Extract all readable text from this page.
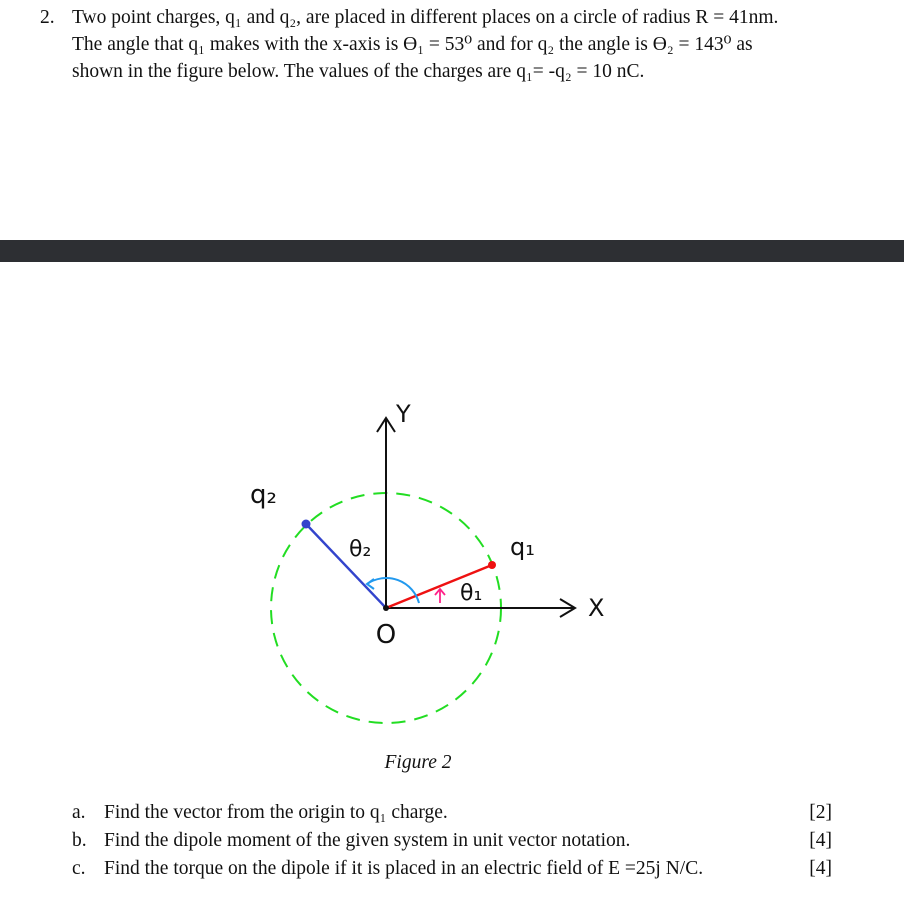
2. Two point charges, q₁ and q₂, are placed in different places on a circle of radius R = 41nm.
The angle that q₁ makes with the x-axis is ϴ₁ = 53⁰ and for q₂ the angle is ϴ₂ = 143⁰ as
shown in the figure below. The values of the charges are q₁= -q₂ = 10 nC.
Y
X
O
q₁
q₂
θ₁
θ₂
Figure 2
a. Find the vector from the origin to q₁ charge.	[2]
b. Find the dipole moment of the given system in unit vector notation.	[4]
c. Find the torque on the dipole if it is placed in an electric field of E =25j N/C.	[4]
